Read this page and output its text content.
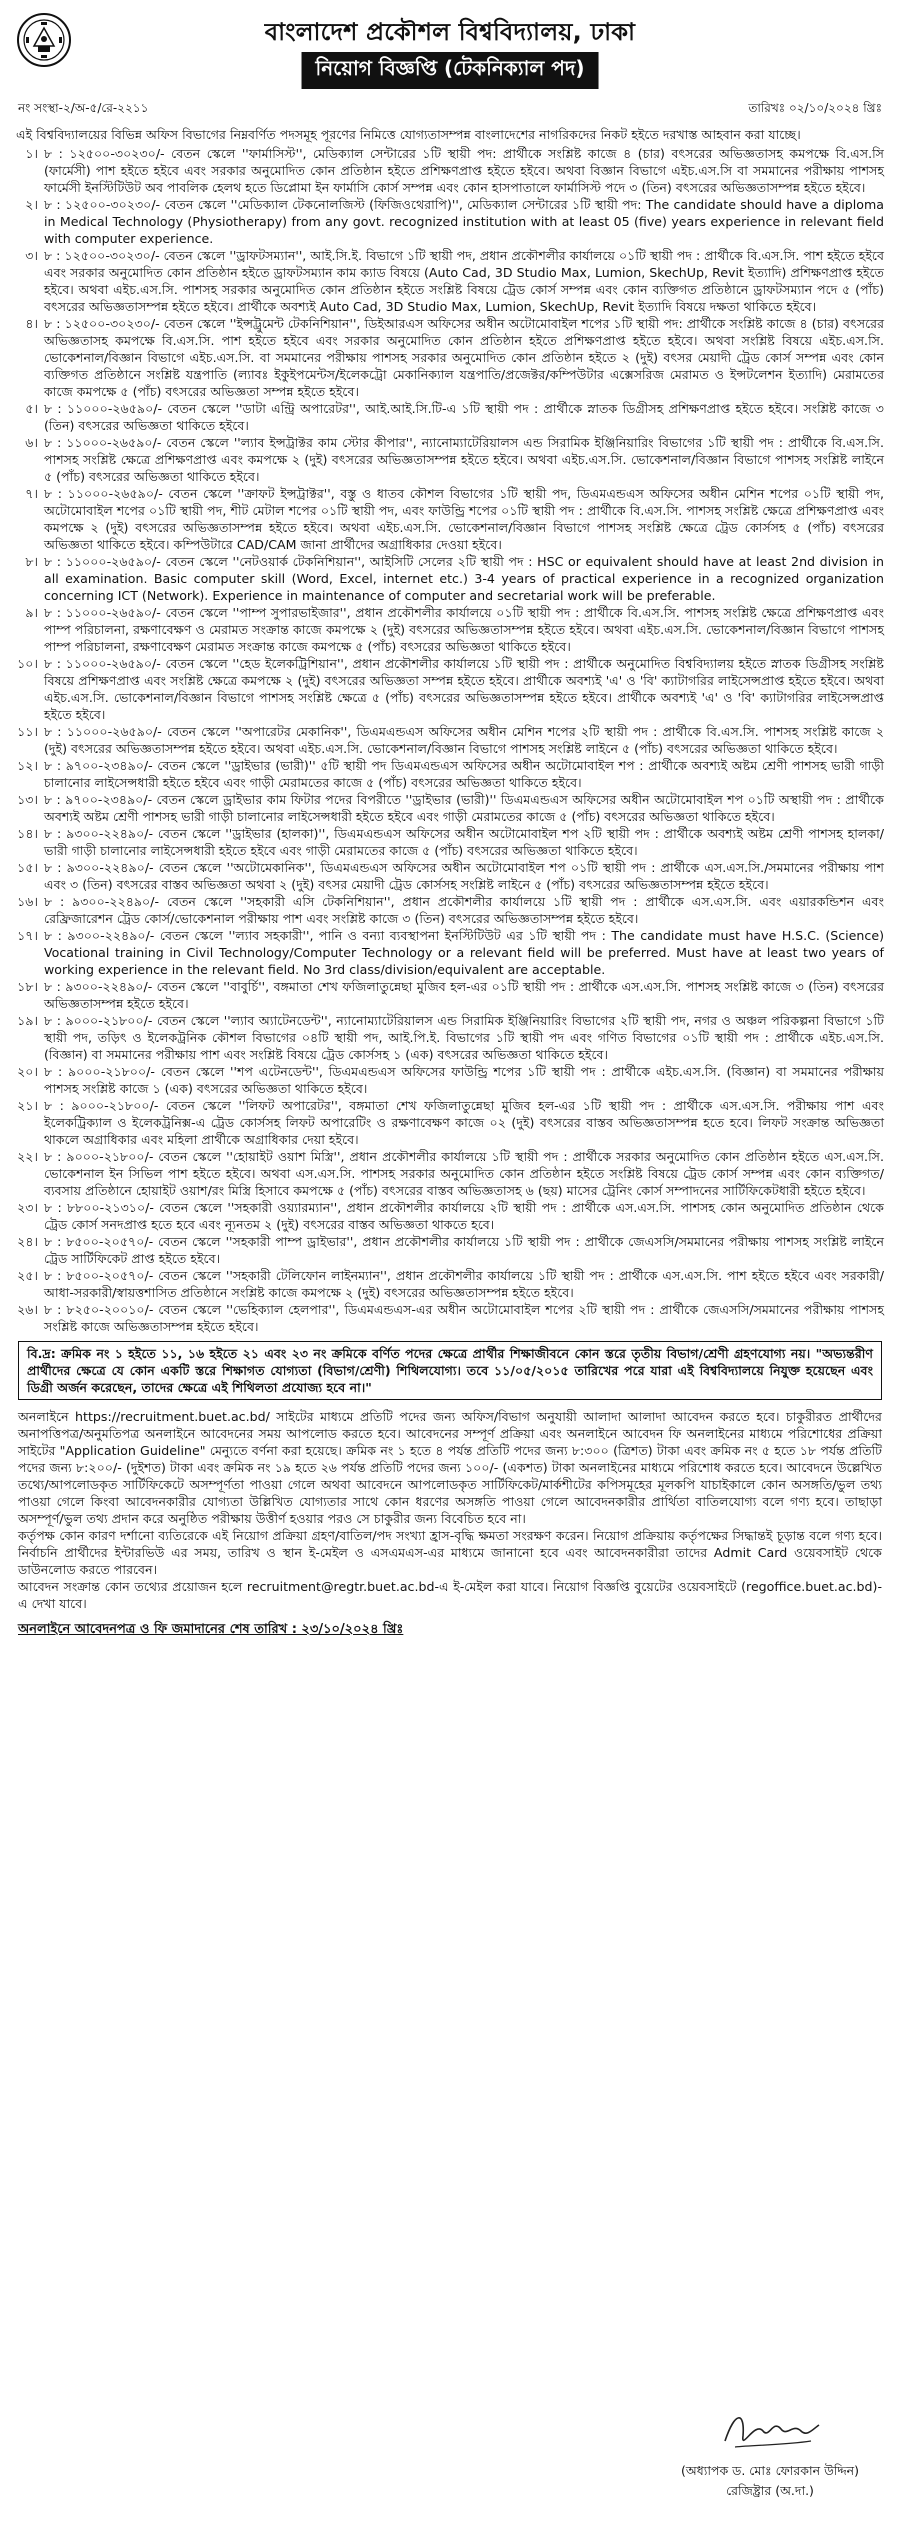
বাংলাদেশ প্রকৌশল বিশ্ববিদ্যালয়, ঢাকা
নিয়োগ বিজ্ঞপ্তি (টেকনিক্যাল পদ)
নং সংস্থা-২/অ-৫/রে-২২১১	তারিখঃ ০২/১০/২০২৪ খ্রিঃ
এই বিশ্ববিদ্যালয়ের বিভিন্ন অফিস বিভাগের নিম্নবর্ণিত পদসমূহ পূরণের নিমিত্তে যোগ্যতাসম্পন্ন বাংলাদেশের নাগরিকদের নিকট হইতে দরখাস্ত আহবান করা যাচ্ছে।
১। ৮ : ১২৫০০-৩০২৩০/- বেতন স্কেলে ''ফার্মাসিস্ট'', মেডিক্যাল সেন্টারের ১টি স্থায়ী পদ: প্রার্থীকে সংশ্লিষ্ট কাজে ৪ (চার) বৎসরের অভিজ্ঞতাসহ কমপক্ষে বি.এস.সি (ফার্মেসী) পাশ হইতে হইবে এবং সরকার অনুমোদিত কোন প্রতিষ্ঠান হইতে প্রশিক্ষণপ্রাপ্ত হইতে হইবে। অথবা বিজ্ঞান বিভাগে এইচ.এস.সি বা সমমানের পরীক্ষায় পাশসহ ফার্মেসী ইনস্টিটিউট অব পাবলিক হেলথ হতে ডিপ্লোমা ইন ফার্মাসি কোর্স সম্পন্ন এবং কোন হাসপাতালে ফার্মাসিস্ট পদে ৩ (তিন) বৎসরের অভিজ্ঞতাসম্পন্ন হইতে হইবে।
২। ৮ : ১২৫০০-৩০২৩০/- বেতন স্কেলে ''মেডিক্যাল টেকনোলজিস্ট (ফিজিওথেরাপি)'', মেডিক্যাল সেন্টারের ১টি স্থায়ী পদ: The candidate should have a diploma in Medical Technology (Physiotherapy) from any govt. recognized institution with at least 05 (five) years experience in relevant field with computer experience.
৩। ৮ : ১২৫০০-৩০২৩০/- বেতন স্কেলে ''ড্রাফটসম্যান'', আই.সি.ই. বিভাগে ১টি স্থায়ী পদ, প্রধান প্রকৌশলীর কার্যালয়ে ০১টি স্থায়ী পদ : প্রার্থীকে বি.এস.সি. পাশ হইতে হইবে এবং সরকার অনুমোদিত কোন প্রতিষ্ঠান হইতে ড্রাফটসম্যান কাম ক্যাড বিষয়ে (Auto Cad, 3D Studio Max, Lumion, SkechUp, Revit ইত্যাদি) প্রশিক্ষণপ্রাপ্ত হইতে হইবে। অথবা এইচ.এস.সি. পাশসহ সরকার অনুমোদিত কোন প্রতিষ্ঠান হইতে সংশ্লিষ্ট বিষয়ে ট্রেড কোর্স সম্পন্ন এবং কোন ব্যক্তিগত প্রতিষ্ঠানে ড্রাফটসম্যান পদে ৫ (পাঁচ) বৎসরের অভিজ্ঞতাসম্পন্ন হইতে হইবে। প্রার্থীকে অবশ্যই Auto Cad, 3D Studio Max, Lumion, SkechUp, Revit ইত্যাদি বিষয়ে দক্ষতা থাকিতে হইবে।
৪। ৮ : ১২৫০০-৩০২৩০/- বেতন স্কেলে ''ইন্সট্রুমেন্ট টেকনিশিয়ান'', ডিইআরএস অফিসের অধীন অটোমোবাইল শপের ১টি স্থায়ী পদ: প্রার্থীকে সংশ্লিষ্ট কাজে ৪ (চার) বৎসরের অভিজ্ঞতাসহ কমপক্ষে বি.এস.সি. পাশ হইতে হইবে এবং সরকার অনুমোদিত কোন প্রতিষ্ঠান হইতে প্রশিক্ষণপ্রাপ্ত হইতে হইবে। অথবা সংশ্লিষ্ট বিষয়ে এইচ.এস.সি. ভোকেশনাল/বিজ্ঞান বিভাগে এইচ.এস.সি. বা সমমানের পরীক্ষায় পাশসহ সরকার অনুমোদিত কোন প্রতিষ্ঠান হইতে ২ (দুই) বৎসর মেয়াদী ট্রেড কোর্স সম্পন্ন এবং কোন ব্যক্তিগত প্রতিষ্ঠানে সংশ্লিষ্ট যন্ত্রপাতি (ল্যাবঃ ইকুইপমেন্টস/ইলেকট্রো মেকানিক্যাল যন্ত্রপাতি/প্রজেক্টর/কম্পিউটার এক্সেসরিজ মেরামত ও ইন্সটলেশন ইত্যাদি) মেরামতের কাজে কমপক্ষে ৫ (পাঁচ) বৎসরের অভিজ্ঞতা সম্পন্ন হইতে হইবে।
৫। ৮ : ১১০০০-২৬৫৯০/- বেতন স্কেলে ''ডাটা এন্ট্রি অপারেটর'', আই.আই.সি.টি-এ ১টি স্থায়ী পদ : প্রার্থীকে স্নাতক ডিগ্রীসহ প্রশিক্ষণপ্রাপ্ত হইতে হইবে। সংশ্লিষ্ট কাজে ৩ (তিন) বৎসরের অভিজ্ঞতা থাকিতে হইবে।
৬। ৮ : ১১০০০-২৬৫৯০/- বেতন স্কেলে ''ল্যাব ইন্সট্রাক্টর কাম স্টোর কীপার'', ন্যানোম্যাটেরিয়ালস এন্ড সিরামিক ইঞ্জিনিয়ারিং বিভাগের ১টি স্থায়ী পদ : প্রার্থীকে বি.এস.সি. পাশসহ সংশ্লিষ্ট ক্ষেত্রে প্রশিক্ষণপ্রাপ্ত এবং কমপক্ষে ২ (দুই) বৎসরের অভিজ্ঞতাসম্পন্ন হইতে হইবে। অথবা এইচ.এস.সি. ভোকেশনাল/বিজ্ঞান বিভাগে পাশসহ সংশ্লিষ্ট লাইনে ৫ (পাঁচ) বৎসরের অভিজ্ঞতা থাকিতে হইবে।
৭। ৮ : ১১০০০-২৬৫৯০/- বেতন স্কেলে ''ক্রাফট ইন্সট্রাক্টর'', বস্তু ও ধাতব কৌশল বিভাগের ১টি স্থায়ী পদ, ডিএমএন্ডএস অফিসের অধীন মেশিন শপের ০১টি স্থায়ী পদ, অটোমোবাইল শপের ০১টি স্থায়ী পদ, শীট মেটাল শপের ০১টি স্থায়ী পদ, এবং ফাউন্ড্রি শপের ০১টি স্থায়ী পদ : প্রার্থীকে বি.এস.সি. পাশসহ সংশ্লিষ্ট ক্ষেত্রে প্রশিক্ষণপ্রাপ্ত এবং কমপক্ষে ২ (দুই) বৎসরের অভিজ্ঞতাসম্পন্ন হইতে হইবে। অথবা এইচ.এস.সি. ভোকেশনাল/বিজ্ঞান বিভাগে পাশসহ সংশ্লিষ্ট ক্ষেত্রে ট্রেড কোর্সসহ ৫ (পাঁচ) বৎসরের অভিজ্ঞতা থাকিতে হইবে। কম্পিউটারে CAD/CAM জানা প্রার্থীদের অগ্রাধিকার দেওয়া হইবে।
৮। ৮ : ১১০০০-২৬৫৯০/- বেতন স্কেলে ''নেটওয়ার্ক টেকনিশিয়ান'', আইসিটি সেলের ২টি স্থায়ী পদ : HSC or equivalent should have at least 2nd division in all examination. Basic computer skill (Word, Excel, internet etc.) 3-4 years of practical experience in a recognized organization concerning ICT (Network). Experience in maintenance of computer and secretarial work will be preferable.
৯। ৮ : ১১০০০-২৬৫৯০/- বেতন স্কেলে ''পাম্প সুপারভাইজার'', প্রধান প্রকৌশলীর কার্যালয়ে ০১টি স্থায়ী পদ : প্রার্থীকে বি.এস.সি. পাশসহ সংশ্লিষ্ট ক্ষেত্রে প্রশিক্ষণপ্রাপ্ত এবং পাম্প পরিচালনা, রক্ষণাবেক্ষণ ও মেরামত সংক্রান্ত কাজে কমপক্ষে ২ (দুই) বৎসরের অভিজ্ঞতাসম্পন্ন হইতে হইবে। অথবা এইচ.এস.সি. ভোকেশনাল/বিজ্ঞান বিভাগে পাশসহ পাম্প পরিচালনা, রক্ষণাবেক্ষণ মেরামত সংক্রান্ত কাজে কমপক্ষে ৫ (পাঁচ) বৎসরের অভিজ্ঞতা থাকিতে হইবে।
১০। ৮ : ১১০০০-২৬৫৯০/- বেতন স্কেলে ''হেড ইলেকট্রিশিয়ান'', প্রধান প্রকৌশলীর কার্যালয়ে ১টি স্থায়ী পদ : প্রার্থীকে অনুমোদিত বিশ্ববিদ্যালয় হইতে স্নাতক ডিগ্রীসহ সংশ্লিষ্ট বিষয়ে প্রশিক্ষণপ্রাপ্ত এবং সংশ্লিষ্ট ক্ষেত্রে কমপক্ষে ২ (দুই) বৎসরের অভিজ্ঞতা সম্পন্ন হইতে হইবে। প্রার্থীকে অবশ্যই 'এ' ও 'বি' ক্যাটাগরির লাইসেন্সপ্রাপ্ত হইতে হইবে। অথবা এইচ.এস.সি. ভোকেশনাল/বিজ্ঞান বিভাগে পাশসহ সংশ্লিষ্ট ক্ষেত্রে ৫ (পাঁচ) বৎসরের অভিজ্ঞতাসম্পন্ন হইতে হইবে। প্রার্থীকে অবশ্যই 'এ' ও 'বি' ক্যাটাগরির লাইসেন্সপ্রাপ্ত হইতে হইবে।
১১। ৮ : ১১০০০-২৬৫৯০/- বেতন স্কেলে ''অপারেটর মেকানিক'', ডিএমএন্ডএস অফিসের অধীন মেশিন শপের ২টি স্থায়ী পদ : প্রার্থীকে বি.এস.সি. পাশসহ সংশ্লিষ্ট কাজে ২ (দুই) বৎসরের অভিজ্ঞতাসম্পন্ন হইতে হইবে। অথবা এইচ.এস.সি. ভোকেশনাল/বিজ্ঞান বিভাগে পাশসহ সংশ্লিষ্ট লাইনে ৫ (পাঁচ) বৎসরের অভিজ্ঞতা থাকিতে হইবে।
১২। ৮ : ৯৭০০-২৩৪৯০/- বেতন স্কেলে ''ড্রাইভার (ভারী)'' ৫টি স্থায়ী পদ ডিএমএন্ডএস অফিসের অধীন অটোমোবাইল শপ : প্রার্থীকে অবশ্যই অষ্টম শ্রেণী পাশসহ ভারী গাড়ী চালানোর লাইসেন্সধারী হইতে হইবে এবং গাড়ী মেরামতের কাজে ৫ (পাঁচ) বৎসরের অভিজ্ঞতা থাকিতে হইবে।
১৩। ৮ : ৯৭০০-২৩৪৯০/- বেতন স্কেলে ড্রাইভার কাম ফিটার পদের বিপরীতে ''ড্রাইভার (ভারী)'' ডিএমএন্ডএস অফিসের অধীন অটোমোবাইল শপ ০১টি অস্থায়ী পদ : প্রার্থীকে অবশ্যই অষ্টম শ্রেণী পাশসহ ভারী গাড়ী চালানোর লাইসেন্সধারী হইতে হইবে এবং গাড়ী মেরামতের কাজে ৫ (পাঁচ) বৎসরের অভিজ্ঞতা থাকিতে হইবে।
১৪। ৮ : ৯৩০০-২২৪৯০/- বেতন স্কেলে ''ড্রাইভার (হালকা)'', ডিএমএন্ডএস অফিসের অধীন অটোমোবাইল শপ ২টি স্থায়ী পদ : প্রার্থীকে অবশ্যই অষ্টম শ্রেণী পাশসহ হালকা/ভারী গাড়ী চালানোর লাইসেন্সধারী হইতে হইবে এবং গাড়ী মেরামতের কাজে ৫ (পাঁচ) বৎসরের অভিজ্ঞতা থাকিতে হইবে।
১৫। ৮ : ৯৩০০-২২৪৯০/- বেতন স্কেলে ''অটোমেকানিক'', ডিএমএন্ডএস অফিসের অধীন অটোমোবাইল শপ ০১টি স্থায়ী পদ : প্রার্থীকে এস.এস.সি./সমমানের পরীক্ষায় পাশ এবং ৩ (তিন) বৎসরের বাস্তব অভিজ্ঞতা অথবা ২ (দুই) বৎসর মেয়াদী ট্রেড কোর্সসহ সংশ্লিষ্ট লাইনে ৫ (পাঁচ) বৎসরের অভিজ্ঞতাসম্পন্ন হইতে হইবে।
১৬। ৮ : ৯৩০০-২২৪৯০/- বেতন স্কেলে ''সহকারী এসি টেকনিশিয়ান'', প্রধান প্রকৌশলীর কার্যালয়ে ১টি স্থায়ী পদ : প্রার্থীকে এস.এস.সি. এবং এয়ারকন্ডিশন এবং রেফ্রিজারেশন ট্রেড কোর্স/ভোকেশনাল পরীক্ষায় পাশ এবং সংশ্লিষ্ট কাজে ৩ (তিন) বৎসরের অভিজ্ঞতাসম্পন্ন হইতে হইবে।
১৭। ৮ : ৯৩০০-২২৪৯০/- বেতন স্কেলে ''ল্যাব সহকারী'', পানি ও বন্যা ব্যবস্থাপনা ইনস্টিটিউট এর ১টি স্থায়ী পদ : The candidate must have H.S.C. (Science) Vocational training in Civil Technology/Computer Technology or a relevant field will be preferred. Must have at least two years of working experience in the relevant field. No 3rd class/division/equivalent are acceptable.
১৮। ৮ : ৯৩০০-২২৪৯০/- বেতন স্কেলে ''বাবুর্চি'', বঙ্গমাতা শেখ ফজিলাতুন্নেছা মুজিব হল-এর ০১টি স্থায়ী পদ : প্রার্থীকে এস.এস.সি. পাশসহ সংশ্লিষ্ট কাজে ৩ (তিন) বৎসরের অভিজ্ঞতাসম্পন্ন হইতে হইবে।
১৯। ৮ : ৯০০০-২১৮০০/- বেতন স্কেলে ''ল্যাব অ্যাটেনডেন্ট'', ন্যানোম্যাটেরিয়ালস এন্ড সিরামিক ইঞ্জিনিয়ারিং বিভাগের ২টি স্থায়ী পদ, নগর ও অঞ্চল পরিকল্পনা বিভাগে ১টি স্থায়ী পদ, তড়িৎ ও ইলেকট্রনিক কৌশল বিভাগের ০৪টি স্থায়ী পদ, আই.পি.ই. বিভাগের ১টি স্থায়ী পদ এবং গণিত বিভাগের ০১টি স্থায়ী পদ : প্রার্থীকে এইচ.এস.সি. (বিজ্ঞান) বা সমমানের পরীক্ষায় পাশ এবং সংশ্লিষ্ট বিষয়ে ট্রেড কোর্সসহ ১ (এক) বৎসরের অভিজ্ঞতা থাকিতে হইবে।
২০। ৮ : ৯০০০-২১৮০০/- বেতন স্কেলে ''শপ এটেনডেন্ট'', ডিএমএন্ডএস অফিসের ফাউন্ড্রি শপের ১টি স্থায়ী পদ : প্রার্থীকে এইচ.এস.সি. (বিজ্ঞান) বা সমমানের পরীক্ষায় পাশসহ সংশ্লিষ্ট কাজে ১ (এক) বৎসরের অভিজ্ঞতা থাকিতে হইবে।
২১। ৮ : ৯০০০-২১৮০০/- বেতন স্কেলে ''লিফট অপারেটর'', বঙ্গমাতা শেখ ফজিলাতুন্নেছা মুজিব হল-এর ১টি স্থায়ী পদ : প্রার্থীকে এস.এস.সি. পরীক্ষায় পাশ এবং ইলেকট্রিক্যাল ও ইলেকট্রনিক্স-এ ট্রেড কোর্সসহ লিফট অপারেটিং ও রক্ষণাবেক্ষণ কাজে ০২ (দুই) বৎসরের বাস্তব অভিজ্ঞতাসম্পন্ন হতে হবে। লিফট সংক্রান্ত অভিজ্ঞতা থাকলে অগ্রাধিকার এবং মহিলা প্রার্থীকে অগ্রাধিকার দেয়া হইবে।
২২। ৮ : ৯০০০-২১৮০০/- বেতন স্কেলে ''হোয়াইট ওয়াশ মিস্ত্রি'', প্রধান প্রকৌশলীর কার্যালয়ে ১টি স্থায়ী পদ : প্রার্থীকে সরকার অনুমোদিত কোন প্রতিষ্ঠান হইতে এস.এস.সি. ভোকেশনাল ইন সিভিল পাশ হইতে হইবে। অথবা এস.এস.সি. পাশসহ সরকার অনুমোদিত কোন প্রতিষ্ঠান হইতে সংশ্লিষ্ট বিষয়ে ট্রেড কোর্স সম্পন্ন এবং কোন ব্যক্তিগত/ব্যবসায় প্রতিষ্ঠানে হোয়াইট ওয়াশ/রং মিস্ত্রি হিসাবে কমপক্ষে ৫ (পাঁচ) বৎসরের বাস্তব অভিজ্ঞতাসহ ৬ (ছয়) মাসের ট্রেনিং কোর্স সম্পাদনের সার্টিফিকেটধারী হইতে হইবে।
২৩। ৮ : ৮৮০০-২১৩১০/- বেতন স্কেলে ''সহকারী ওয়্যারম্যান'', প্রধান প্রকৌশলীর কার্যালয়ে ২টি স্থায়ী পদ : প্রার্থীকে এস.এস.সি. পাশসহ কোন অনুমোদিত প্রতিষ্ঠান থেকে ট্রেড কোর্স সনদপ্রাপ্ত হতে হবে এবং ন্যূনতম ২ (দুই) বৎসরের বাস্তব অভিজ্ঞতা থাকতে হবে।
২৪। ৮ : ৮৫০০-২০৫৭০/- বেতন স্কেলে ''সহকারী পাম্প ড্রাইভার'', প্রধান প্রকৌশলীর কার্যালয়ে ১টি স্থায়ী পদ : প্রার্থীকে জেএসসি/সমমানের পরীক্ষায় পাশসহ সংশ্লিষ্ট লাইনে ট্রেড সার্টিফিকেট প্রাপ্ত হইতে হইবে।
২৫। ৮ : ৮৫০০-২০৫৭০/- বেতন স্কেলে ''সহকারী টেলিফোন লাইনম্যান'', প্রধান প্রকৌশলীর কার্যালয়ে ১টি স্থায়ী পদ : প্রার্থীকে এস.এস.সি. পাশ হইতে হইবে এবং সরকারী/আধা-সরকারী/স্বায়ত্তশাসিত প্রতিষ্ঠানে সংশ্লিষ্ট কাজে কমপক্ষে ২ (দুই) বৎসরের অভিজ্ঞতাসম্পন্ন হইতে হইবে।
২৬। ৮ : ৮২৫০-২০০১০/- বেতন স্কেলে ''ভেহিক্যাল হেলপার'', ডিএমএন্ডএস-এর অধীন অটোমোবাইল শপের ২টি স্থায়ী পদ : প্রার্থীকে জেএসসি/সমমানের পরীক্ষায় পাশসহ সংশ্লিষ্ট কাজে অভিজ্ঞতাসম্পন্ন হইতে হইবে।
বি.দ্র: ক্রমিক নং ১ হইতে ১১, ১৬ হইতে ২১ এবং ২৩ নং ক্রমিকে বর্ণিত পদের ক্ষেত্রে প্রার্থীর শিক্ষাজীবনে কোন স্তরে তৃতীয় বিভাগ/শ্রেণী গ্রহণযোগ্য নয়। "অভ্যন্তরীণ প্রার্থীদের ক্ষেত্রে যে কোন একটি স্তরে শিক্ষাগত যোগ্যতা (বিভাগ/শ্রেণী) শিথিলযোগ্য। তবে ১১/০৫/২০১৫ তারিখের পরে যারা এই বিশ্ববিদ্যালয়ে নিযুক্ত হয়েছেন এবং ডিগ্রী অর্জন করেছেন, তাদের ক্ষেত্রে এই শিথিলতা প্রযোজ্য হবে না।"
অনলাইনে https://recruitment.buet.ac.bd/ সাইটের মাধ্যমে প্রতিটি পদের জন্য অফিস/বিভাগ অনুযায়ী আলাদা আলাদা আবেদন করতে হবে। চাকুরীরত প্রার্থীদের অনাপত্তিপত্র/অনুমতিপত্র অনলাইনে আবেদনের সময় আপলোড করতে হবে। আবেদনের সম্পূর্ণ প্রক্রিয়া এবং অনলাইনে আবেদন ফি অনলাইনের মাধ্যমে পরিশোধের প্রক্রিয়া সাইটের "Application Guideline" মেন্যুতে বর্ণনা করা হয়েছে। ক্রমিক নং ১ হতে ৪ পর্যন্ত প্রতিটি পদের জন্য ৮:৩০০ (ত্রিশত) টাকা এবং ক্রমিক নং ৫ হতে ১৮ পর্যন্ত প্রতিটি পদের জন্য ৮:২০০/- (দুইশত) টাকা এবং ক্রমিক নং ১৯ হতে ২৬ পর্যন্ত প্রতিটি পদের জন্য ১০০/- (একশত) টাকা অনলাইনের মাধ্যমে পরিশোধ করতে হবে। আবেদনে উল্লেখিত তথ্যে/আপলোডকৃত সার্টিফিকেটে অসম্পূর্ণতা পাওয়া গেলে অথবা আবেদনে আপলোডকৃত সার্টিফিকেট/মার্কশীটের কপিসমূহের মূলকপি যাচাইকালে কোন অসঙ্গতি/ভুল তথ্য পাওয়া গেলে কিংবা আবেদনকারীর যোগ্যতা উল্লিখিত যোগ্যতার সাথে কোন ধরণের অসঙ্গতি পাওয়া গেলে আবেদনকারীর প্রার্থিতা বাতিলযোগ্য বলে গণ্য হবে। তাছাড়া অসম্পূর্ণ/ভুল তথ্য প্রদান করে অনুষ্ঠিত পরীক্ষায় উত্তীর্ণ হওয়ার পরও সে চাকুরীর জন্য বিবেচিত হবে না।
কর্তৃপক্ষ কোন কারণ দর্শানো ব্যতিরেকে এই নিয়োগ প্রক্রিয়া গ্রহণ/বাতিল/পদ সংখ্যা হ্রাস-বৃদ্ধি ক্ষমতা সংরক্ষণ করেন। নিয়োগ প্রক্রিয়ায় কর্তৃপক্ষের সিদ্ধান্তই চূড়ান্ত বলে গণ্য হবে। নির্বাচনি প্রার্থীদের ইন্টারভিউ এর সময়, তারিখ ও স্থান ই-মেইল ও এসএমএস-এর মাধ্যমে জানানো হবে এবং আবেদনকারীরা তাদের Admit Card ওয়েবসাইট থেকে ডাউনলোড করতে পারবেন।
আবেদন সংক্রান্ত কোন তথ্যের প্রয়োজন হলে recruitment@regtr.buet.ac.bd-এ ই-মেইল করা যাবে। নিয়োগ বিজ্ঞপ্তি বুয়েটের ওয়েবসাইটে (regoffice.buet.ac.bd)-এ দেখা যাবে।
অনলাইনে আবেদনপত্র ও ফি জমাদানের শেষ তারিখ : ২৩/১০/২০২৪ খ্রিঃ
(অধ্যাপক ড. মোঃ ফোরকান উদ্দিন)
রেজিষ্ট্রার (অ.দা.)
